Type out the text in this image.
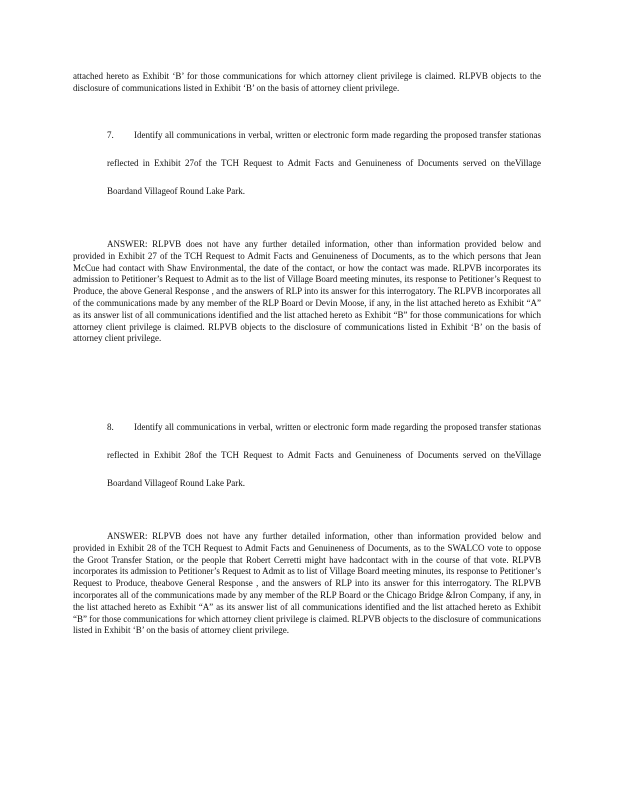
attached hereto as Exhibit ‘B’ for those communications for which attorney client privilege is claimed. RLPVB objects to the disclosure of communications listed in Exhibit ‘B’ on the basis of attorney client privilege.

7. Identify all communications in verbal, written or electronic form made regarding the proposed transfer stationas reflected in Exhibit 27of the TCH Request to Admit Facts and Genuineness of Documents served on theVillage Boardand Villageof Round Lake Park.

ANSWER: RLPVB does not have any further detailed information, other than information provided below and provided in Exhibit 27 of the TCH Request to Admit Facts and Genuineness of Documents, as to the which persons that Jean McCue had contact with Shaw Environmental, the date of the contact, or how the contact was made. RLPVB incorporates its admission to Petitioner’s Request to Admit as to the list of Village Board meeting minutes, its response to Petitioner’s Request to Produce, the above General Response , and the answers of RLP into its answer for this interrogatory. The RLPVB incorporates all of the communications made by any member of the RLP Board or Devin Moose, if any, in the list attached hereto as Exhibit “A” as its answer list of all communications identified and the list attached hereto as Exhibit “B” for those communications for which attorney client privilege is claimed. RLPVB objects to the disclosure of communications listed in Exhibit ‘B’ on the basis of attorney client privilege.

8. Identify all communications in verbal, written or electronic form made regarding the proposed transfer stationas reflected in Exhibit 28of the TCH Request to Admit Facts and Genuineness of Documents served on theVillage Boardand Villageof Round Lake Park.

ANSWER: RLPVB does not have any further detailed information, other than information provided below and provided in Exhibit 28 of the TCH Request to Admit Facts and Genuineness of Documents, as to the SWALCO vote to oppose the Groot Transfer Station, or the people that Robert Cerretti might have hadcontact with in the course of that vote. RLPVB incorporates its admission to Petitioner’s Request to Admit as to list of Village Board meeting minutes, its response to Petitioner’s Request to Produce, theabove General Response , and the answers of RLP into its answer for this interrogatory. The RLPVB incorporates all of the communications made by any member of the RLP Board or the Chicago Bridge &Iron Company, if any, in the list attached hereto as Exhibit “A” as its answer list of all communications identified and the list attached hereto as Exhibit “B” for those communications for which attorney client privilege is claimed. RLPVB objects to the disclosure of communications listed in Exhibit ‘B’ on the basis of attorney client privilege.
